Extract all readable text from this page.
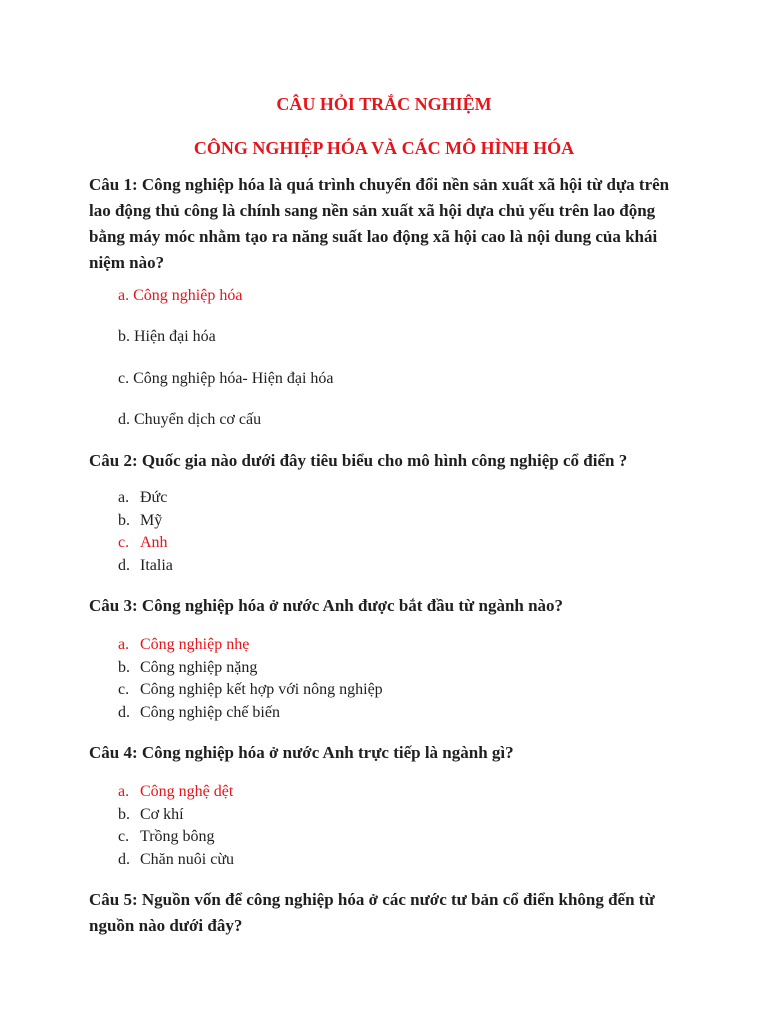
CÂU HỎI TRẮC NGHIỆM
CÔNG NGHIỆP HÓA VÀ CÁC MÔ HÌNH HÓA

Câu 1: Công nghiệp hóa là quá trình chuyển đổi nền sản xuất xã hội từ dựa trên lao động thủ công là chính sang nền sản xuất xã hội dựa chủ yếu trên lao động bằng máy móc nhằm tạo ra năng suất lao động xã hội cao là nội dung của khái niệm nào?

a. Công nghiệp hóa

b. Hiện đại hóa

c. Công nghiệp hóa- Hiện đại hóa

d. Chuyển dịch cơ cấu

Câu 2: Quốc gia nào dưới đây tiêu biểu cho mô hình công nghiệp cổ điển ?

a. Đức
b. Mỹ
c. Anh
d. Italia

Câu 3: Công nghiệp hóa ở nước Anh được bắt đầu từ ngành nào?

a. Công nghiệp nhẹ
b. Công nghiệp nặng
c. Công nghiệp kết hợp với nông nghiệp
d. Công nghiệp chế biến

Câu 4: Công nghiệp hóa ở nước Anh trực tiếp là ngành gì?

a. Công nghệ dệt
b. Cơ khí
c. Trồng bông
d. Chăn nuôi cừu

Câu 5: Nguồn vốn để công nghiệp hóa ở các nước tư bản cổ điển không đến từ nguồn nào dưới đây?
